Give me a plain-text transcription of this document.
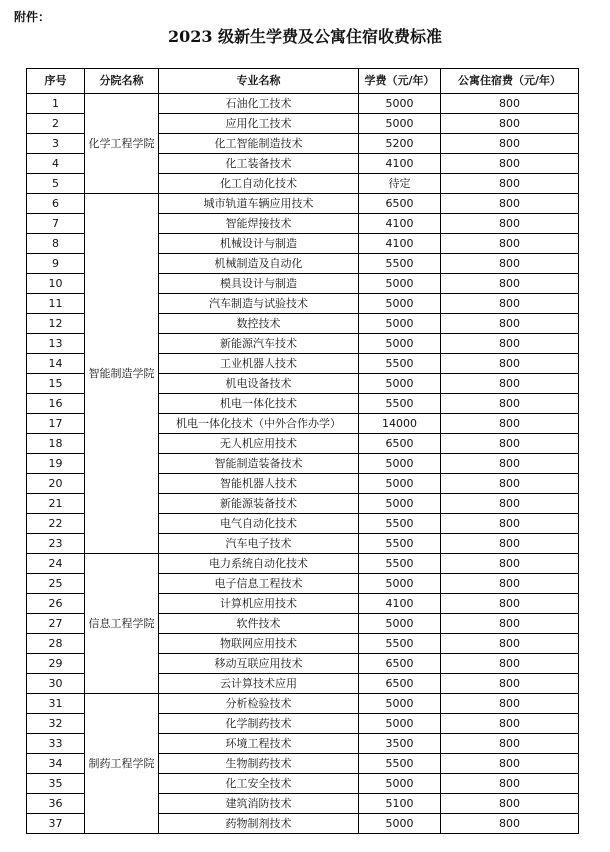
附件：
2023 级新生学费及公寓住宿收费标准
序号	分院名称	专业名称	学费（元/年）	公寓住宿费（元/年）
1	化学工程学院	石油化工技术	5000	800
2		应用化工技术	5000	800
3		化工智能制造技术	5200	800
4		化工装备技术	4100	800
5		化工自动化技术	待定	800
6	智能制造学院	城市轨道车辆应用技术	6500	800
7		智能焊接技术	4100	800
8		机械设计与制造	4100	800
9		机械制造及自动化	5500	800
10		模具设计与制造	5000	800
11		汽车制造与试验技术	5000	800
12		数控技术	5000	800
13		新能源汽车技术	5000	800
14		工业机器人技术	5500	800
15		机电设备技术	5000	800
16		机电一体化技术	5500	800
17		机电一体化技术（中外合作办学）	14000	800
18		无人机应用技术	6500	800
19		智能制造装备技术	5000	800
20		智能机器人技术	5000	800
21		新能源装备技术	5000	800
22		电气自动化技术	5500	800
23		汽车电子技术	5500	800
24	信息工程学院	电力系统自动化技术	5500	800
25		电子信息工程技术	5000	800
26		计算机应用技术	4100	800
27		软件技术	5000	800
28		物联网应用技术	5500	800
29		移动互联应用技术	6500	800
30		云计算技术应用	6500	800
31	制药工程学院	分析检验技术	5000	800
32		化学制药技术	5000	800
33		环境工程技术	3500	800
34		生物制药技术	5500	800
35		化工安全技术	5000	800
36		建筑消防技术	5100	800
37		药物制剂技术	5000	800
